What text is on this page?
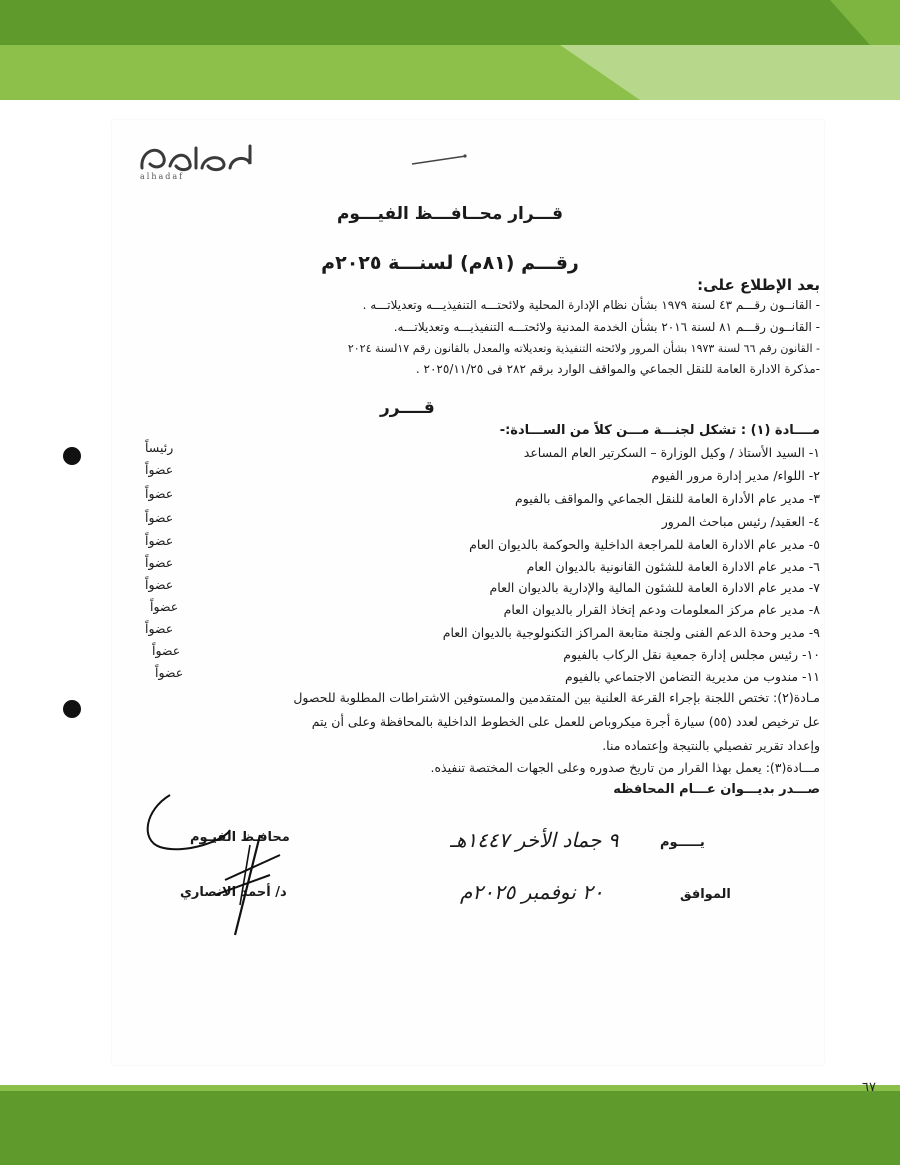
alhadaf
قـــرار محــافـــظ الفيـــوم
رقـــم (٨١م) لسنـــة ٢٠٢٥م
بعد الإطلاع على:
- القانــون رقـــم ٤٣ لسنة ١٩٧٩ بشأن نظام الإدارة المحلية ولائحتـــه التنفيذيـــه وتعديلاتـــه .
- القانــون رقـــم ٨١ لسنة ٢٠١٦ بشأن الخدمة المدنية ولائحتـــه التنفيذيـــه وتعديلاتـــه.
- القانون رقم ٦٦ لسنة ١٩٧٣ بشأن المرور ولائحته التنفيذية وتعديلاته والمعدل بالقانون رقم ١٧لسنة ٢٠٢٤
-مذكرة الادارة العامة للنقل الجماعي والمواقف الوارد برقم ٢٨٢ فى ٢٠٢٥/١١/٢٥ .
قــــرر
مــــادة (١) : تشكل لجنـــة مـــن كلاً من الســـادة:-
١- السيد الأستاذ / وكيل الوزارة – السكرتير العام المساعد
رئيساً
٢- اللواء/ مدير إدارة مرور الفيوم
عضواً
٣- مدير عام الأدارة العامة للنقل الجماعي والمواقف بالفيوم
عضواً
٤- العقيد/ رئيس مباحث المرور
عضواً
٥- مدير عام الادارة العامة للمراجعة الداخلية والحوكمة بالديوان العام
عضواً
٦- مدير عام الادارة العامة للشئون القانونية بالديوان العام
عضواً
٧- مدير عام الادارة العامة للشئون المالية والإدارية بالديوان العام
عضواً
٨- مدير عام مركز المعلومات ودعم إتخاذ القرار بالديوان العام
عضواً
٩- مدير وحدة الدعم الفنى ولجنة متابعة المراكز التكنولوجية بالديوان العام
عضواً
١٠- رئيس مجلس إدارة جمعية نقل الركاب بالفيوم
عضواً
١١- مندوب من مديرية التضامن الاجتماعي بالفيوم
عضواً
مـادة(٢): تختص اللجنة بإجراء القرعة العلنية بين المتقدمين والمستوفين الاشتراطات المطلوبة للحصول
عل ترخيص لعدد (٥٥) سيارة أجرة ميكروباص للعمل على الخطوط الداخلية بالمحافظة وعلى أن يتم
وإعداد تقرير تفصيلي بالنتيجة وإعتماده منا.
مـــادة(٣): يعمل بهذا القرار من تاريخ صدوره وعلى الجهات المختصة تنفيذه.
صـــدر بديـــوان عـــام المحافظه
يـــــوم
٩ جماد الأخر ١٤٤٧هـ
الموافق
٢٠ نوفمبر ٢٠٢٥م
محافـظ الفيـوم
د/ أحمد الانصاري
٦٧
